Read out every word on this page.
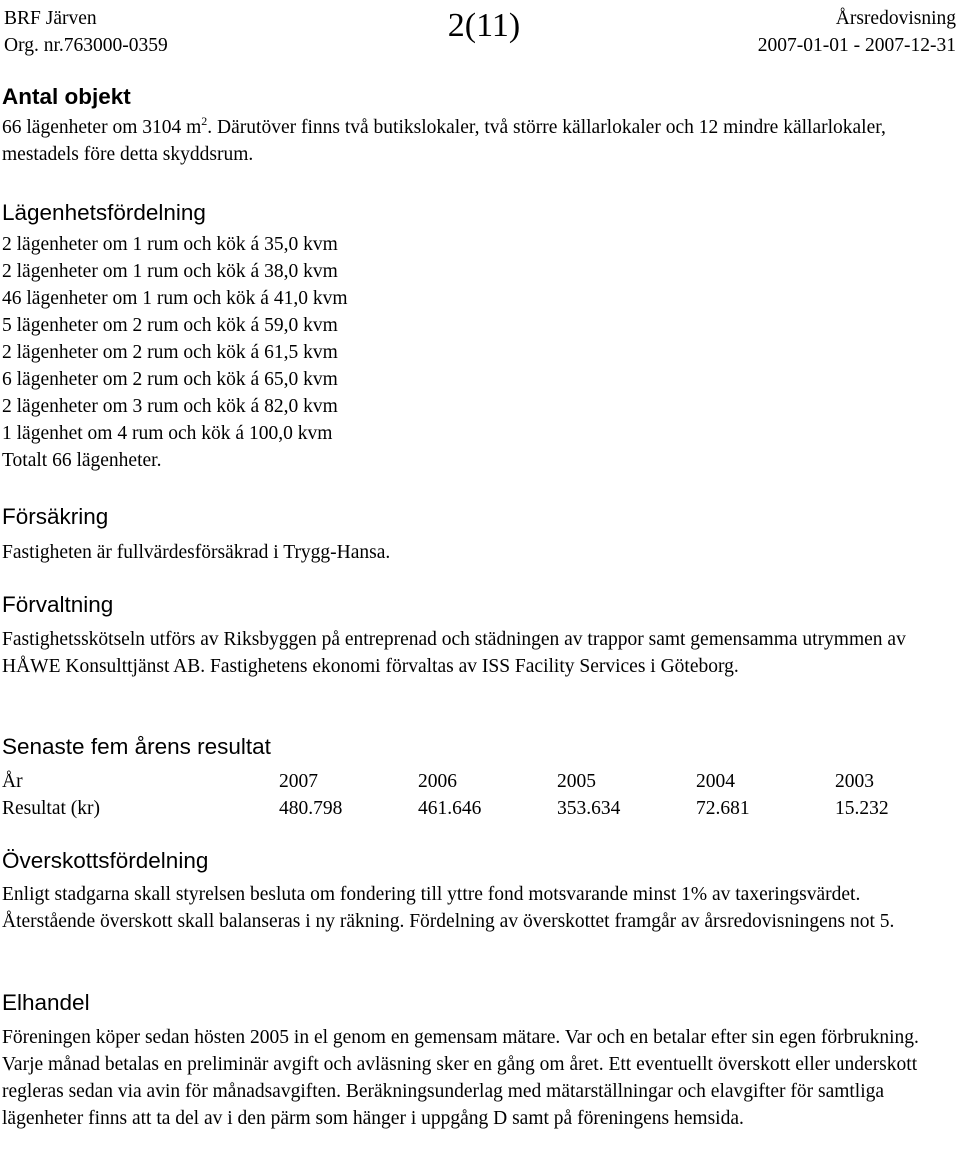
BRF Järven
Org. nr.763000-0359
2(11)	Årsredovisning
2007-01-01 - 2007-12-31
Antal objekt

66 lägenheter om 3104 $m^2$. Därutöver finns två butikslokaler, två större källarlokaler och 12 mindre källarlokaler, mestadels före detta skyddsrum.

Lägenhetsfördelning
2 lägenheter om 1 rum och kök á 35,0 kvm
2 lägenheter om 1 rum och kök á 38,0 kvm
46 lägenheter om 1 rum och kök á 41,0 kvm
5 lägenheter om 2 rum och kök á 59,0 kvm
2 lägenheter om 2 rum och kök á 61,5 kvm
6 lägenheter om 2 rum och kök á 65,0 kvm
2 lägenheter om 3 rum och kök á 82,0 kvm
1 lägenhet om 4 rum och kök á 100,0 kvm
Totalt 66 lägenheter.
Försäkring

Fastigheten är fullvärdesförsäkrad i Trygg-Hansa.

Förvaltning

Fastighetsskötseln utförs av Riksbyggen på entreprenad och städningen av trappor samt gemensamma utrymmen av HÅWE Konsulttjänst AB. Fastighetens ekonomi förvaltas av ISS Facility Services i Göteborg.

Senaste fem årens resultat
År	2007	2006	2005	2004	2003
Resultat (kr)	480.798	461.646	353.634	72.681	15.232
Överskottsfördelning

Enligt stadgarna skall styrelsen besluta om fondering till yttre fond motsvarande minst 1% av taxeringsvärdet. Återstående överskott skall balanseras i ny räkning. Fördelning av överskottet framgår av årsredovisningens not 5.

Elhandel

Föreningen köper sedan hösten 2005 in el genom en gemensam mätare. Var och en betalar efter sin egen förbrukning. Varje månad betalas en preliminär avgift och avläsning sker en gång om året. Ett eventuellt överskott eller underskott regleras sedan via avin för månadsavgiften. Beräkningsunderlag med mätarställningar och elavgifter för samtliga lägenheter finns att ta del av i den pärm som hänger i uppgång D samt på föreningens hemsida.
